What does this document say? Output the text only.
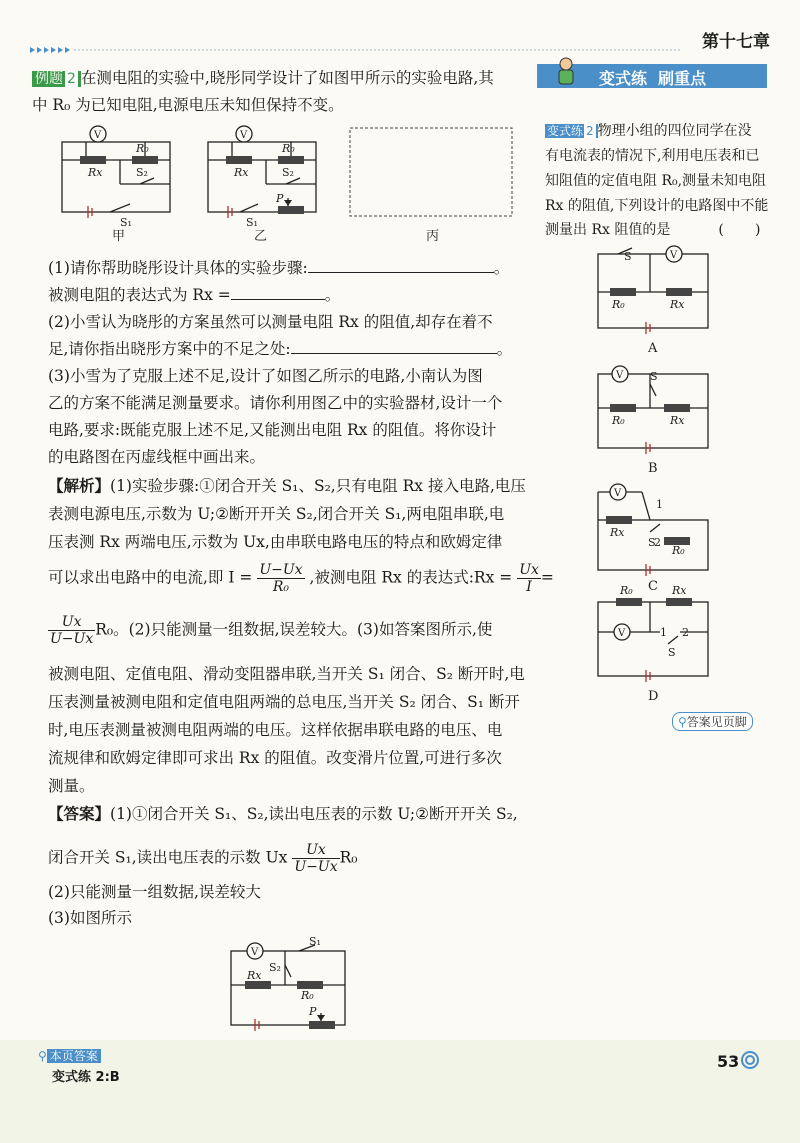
第十七章
例题 2 在测电阻的实验中,晓彤同学设计了如图甲所示的实验电路,其
中 R₀ 为已知电阻,电源电压未知但保持不变。
V	V
Rx
R₀
S₂
S₁
Rx
R₀
S₂
S₁
P
甲	乙	丙
(1)请你帮助晓彤设计具体的实验步骤:	。
被测电阻的表达式为 Rx =	。
(2)小雪认为晓彤的方案虽然可以测量电阻 Rx 的阻值,却存在着不
足,请你指出晓彤方案中的不足之处:	。
(3)小雪为了克服上述不足,设计了如图乙所示的电路,小南认为图
乙的方案不能满足测量要求。请你利用图乙中的实验器材,设计一个
电路,要求:既能克服上述不足,又能测出电阻 Rx 的阻值。将你设计
的电路图在丙虚线框中画出来。
【解析】(1)实验步骤:①闭合开关 S₁、S₂,只有电阻 Rx 接入电路,电压
表测电源电压,示数为 U;②断开开关 S₂,闭合开关 S₁,两电阻串联,电
压表测 Rx 两端电压,示数为 Ux,由串联电路电压的特点和欧姆定律
可以求出电路中的电流,即 $I = \frac{U-Ux}{\text{R₀}}$ ,被测电阻 Rx 的表达式:Rx = $\frac{Ux}{I}$ =
$\frac{Ux}{U-Ux} R_0$。(2)只能测量一组数据,误差较大。(3)如答案图所示,使
被测电阻、定值电阻、滑动变阻器串联,当开关 S₁ 闭合、S₂ 断开时,电
压表测量被测电阻和定值电阻两端的总电压,当开关 S₂ 闭合、S₁ 断开
时,电压表测量被测电阻两端的电压。这样依据串联电路的电压、电
流规律和欧姆定律即可求出 Rx 的阻值。改变滑片位置,可进行多次
测量。
【答案】(1)①闭合开关 S₁、S₂,读出电压表的示数 U;②断开开关 S₂,
闭合开关 S₁,读出电压表的示数 Ux $\frac{Ux}{U-Ux} R_0$
(2)只能测量一组数据,误差较大
(3)如图所示
V
S₁
S₂
Rx
R₀
P
变式练  刷重点
变式练 2 物理小组的四位同学在没
有电流表的情况下,利用电压表和已
知阻值的定值电阻 R₀,测量未知电阻
Rx 的阻值,下列设计的电路图中不能
测量出 Rx 阻值的是	(       )
V
V
V
V
S
R₀	Rx
S
R₀	Rx
1
Rx
S
2
R₀
R₀	Rx
1 2
S
A
B
C
D
⚲答案见页脚
⚲ 本页答案
变式练 2:B
53
